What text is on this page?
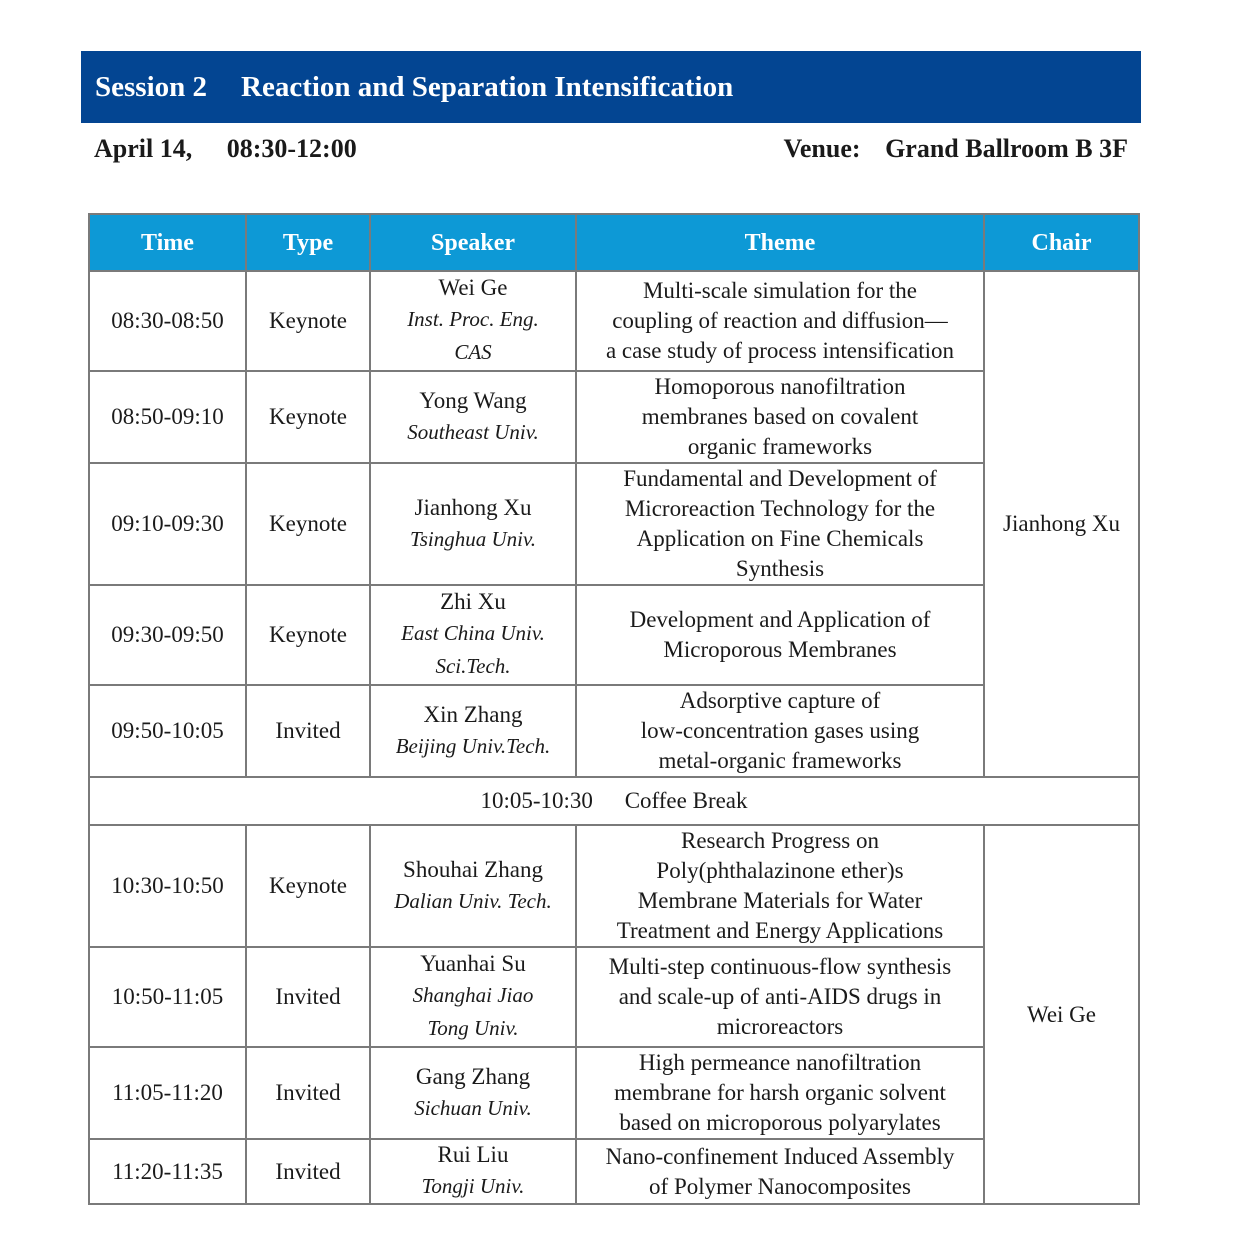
Session 2 Reaction and Separation Intensification
April 14, 08:30-12:00	Venue: Grand Ballroom B 3F
Time	Type	Speaker	Theme	Chair
08:30-08:50	Keynote	Wei Ge
Inst. Proc. Eng.
CAS	Multi-scale simulation for the
coupling of reaction and diffusion—
a case study of process intensification	Jianhong Xu
08:50-09:10	Keynote	Yong Wang
Southeast Univ.	Homoporous nanofiltration
membranes based on covalent
organic frameworks	

09:10-09:30	Keynote	Jianhong Xu
Tsinghua Univ.	Fundamental and Development of
Microreaction Technology for the
Application on Fine Chemicals
Synthesis	

09:30-09:50	Keynote	Zhi Xu
East China Univ.
Sci.Tech.	Development and Application of
Microporous Membranes	

09:50-10:05	Invited	Xin Zhang
Beijing Univ.Tech.	Adsorptive capture of
low-concentration gases using
metal-organic frameworks	

10:05-10:30 Coffee Break				
10:30-10:50	Keynote	Shouhai Zhang
Dalian Univ. Tech.	Research Progress on
Poly(phthalazinone ether)s
Membrane Materials for Water
Treatment and Energy Applications	Wei Ge
10:50-11:05	Invited	Yuanhai Su
Shanghai Jiao
Tong Univ.	Multi-step continuous-flow synthesis
and scale-up of anti-AIDS drugs in
microreactors	

11:05-11:20	Invited	Gang Zhang
Sichuan Univ.	High permeance nanofiltration
membrane for harsh organic solvent
based on microporous polyarylates	

11:20-11:35	Invited	Rui Liu
Tongji Univ.	Nano-confinement Induced Assembly
of Polymer Nanocomposites	
